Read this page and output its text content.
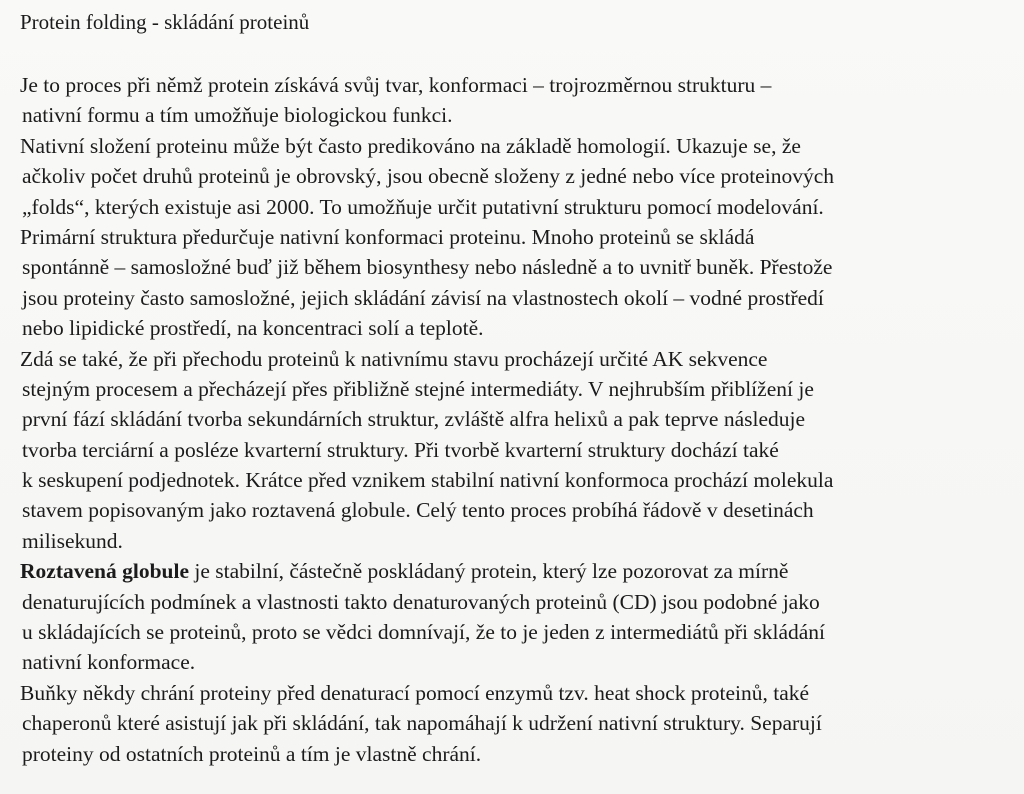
Protein folding - skládání proteinů
Je to proces při němž protein získává svůj tvar, konformaci – trojrozměrnou strukturu –
nativní formu a tím umožňuje biologickou funkci.
Nativní složení proteinu může být často predikováno na základě homologií. Ukazuje se, že
ačkoliv počet druhů proteinů je obrovský, jsou obecně složeny z jedné nebo více proteinových
„folds“, kterých existuje asi 2000. To umožňuje určit putativní strukturu pomocí modelování.
Primární struktura předurčuje nativní konformaci proteinu. Mnoho proteinů se skládá
spontánně – samosložné buď již během biosynthesy nebo následně a to uvnitř buněk. Přestože
jsou proteiny často samosložné, jejich skládání závisí na vlastnostech okolí – vodné prostředí
nebo lipidické prostředí, na koncentraci solí a teplotě.
Zdá se také, že při přechodu proteinů k nativnímu stavu procházejí určité AK sekvence
stejným procesem a přecházejí přes přibližně stejné intermediáty. V nejhrubším přiblížení je
první fází skládání tvorba sekundárních struktur, zvláště alfra helixů a pak teprve následuje
tvorba terciární a posléze kvarterní struktury. Při tvorbě kvarterní struktury dochází také
k seskupení podjednotek. Krátce před vznikem stabilní nativní konformoca prochází molekula
stavem popisovaným jako roztavená globule. Celý tento proces probíhá řádově v desetinách
milisekund.
Roztavená globule je stabilní, částečně poskládaný protein, který lze pozorovat za mírně
denaturujících podmínek a vlastnosti takto denaturovaných proteinů (CD) jsou podobné jako
u skládajících se proteinů, proto se vědci domnívají, že to je jeden z intermediátů při skládání
nativní konformace.
Buňky někdy chrání proteiny před denaturací pomocí enzymů tzv. heat shock proteinů, také
chaperonů které asistují jak při skládání, tak napomáhají k udržení nativní struktury. Separují
proteiny od ostatních proteinů a tím je vlastně chrání.
